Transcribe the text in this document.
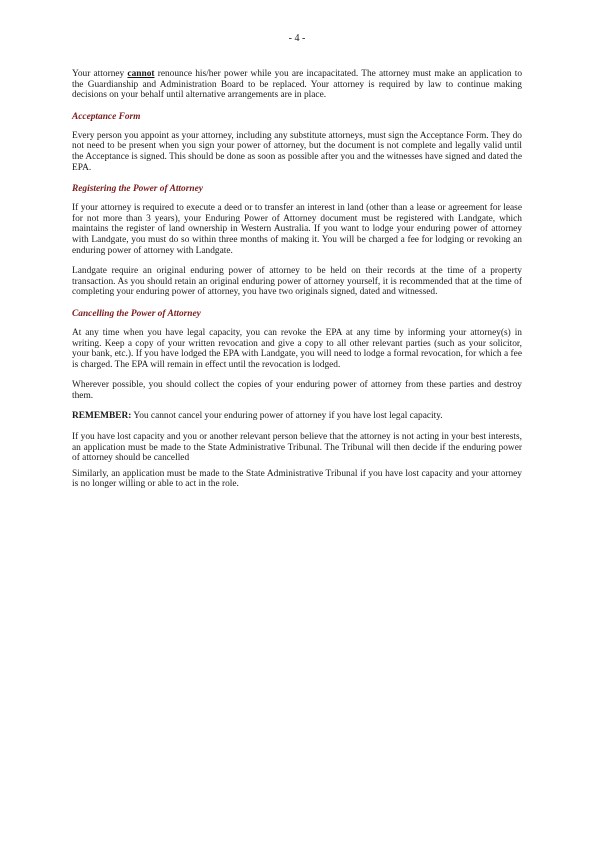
- 4 -

Your attorney cannot renounce his/her power while you are incapacitated. The attorney must make an application to the Guardianship and Administration Board to be replaced. Your attorney is required by law to continue making decisions on your behalf until alternative arrangements are in place.

Acceptance Form

Every person you appoint as your attorney, including any substitute attorneys, must sign the Acceptance Form. They do not need to be present when you sign your power of attorney, but the document is not complete and legally valid until the Acceptance is signed. This should be done as soon as possible after you and the witnesses have signed and dated the EPA.

Registering the Power of Attorney

If your attorney is required to execute a deed or to transfer an interest in land (other than a lease or agreement for lease for not more than 3 years), your Enduring Power of Attorney document must be registered with Landgate, which maintains the register of land ownership in Western Australia. If you want to lodge your enduring power of attorney with Landgate, you must do so within three months of making it. You will be charged a fee for lodging or revoking an enduring power of attorney with Landgate.

Landgate require an original enduring power of attorney to be held on their records at the time of a property transaction. As you should retain an original enduring power of attorney yourself, it is recommended that at the time of completing your enduring power of attorney, you have two originals signed, dated and witnessed.

Cancelling the Power of Attorney

At any time when you have legal capacity, you can revoke the EPA at any time by informing your attorney(s) in writing. Keep a copy of your written revocation and give a copy to all other relevant parties (such as your solicitor, your bank, etc.). If you have lodged the EPA with Landgate, you will need to lodge a formal revocation, for which a fee is charged. The EPA will remain in effect until the revocation is lodged.

Wherever possible, you should collect the copies of your enduring power of attorney from these parties and destroy them.

REMEMBER: You cannot cancel your enduring power of attorney if you have lost legal capacity.

If you have lost capacity and you or another relevant person believe that the attorney is not acting in your best interests, an application must be made to the State Administrative Tribunal. The Tribunal will then decide if the enduring power of attorney should be cancelled

Similarly, an application must be made to the State Administrative Tribunal if you have lost capacity and your attorney is no longer willing or able to act in the role.
